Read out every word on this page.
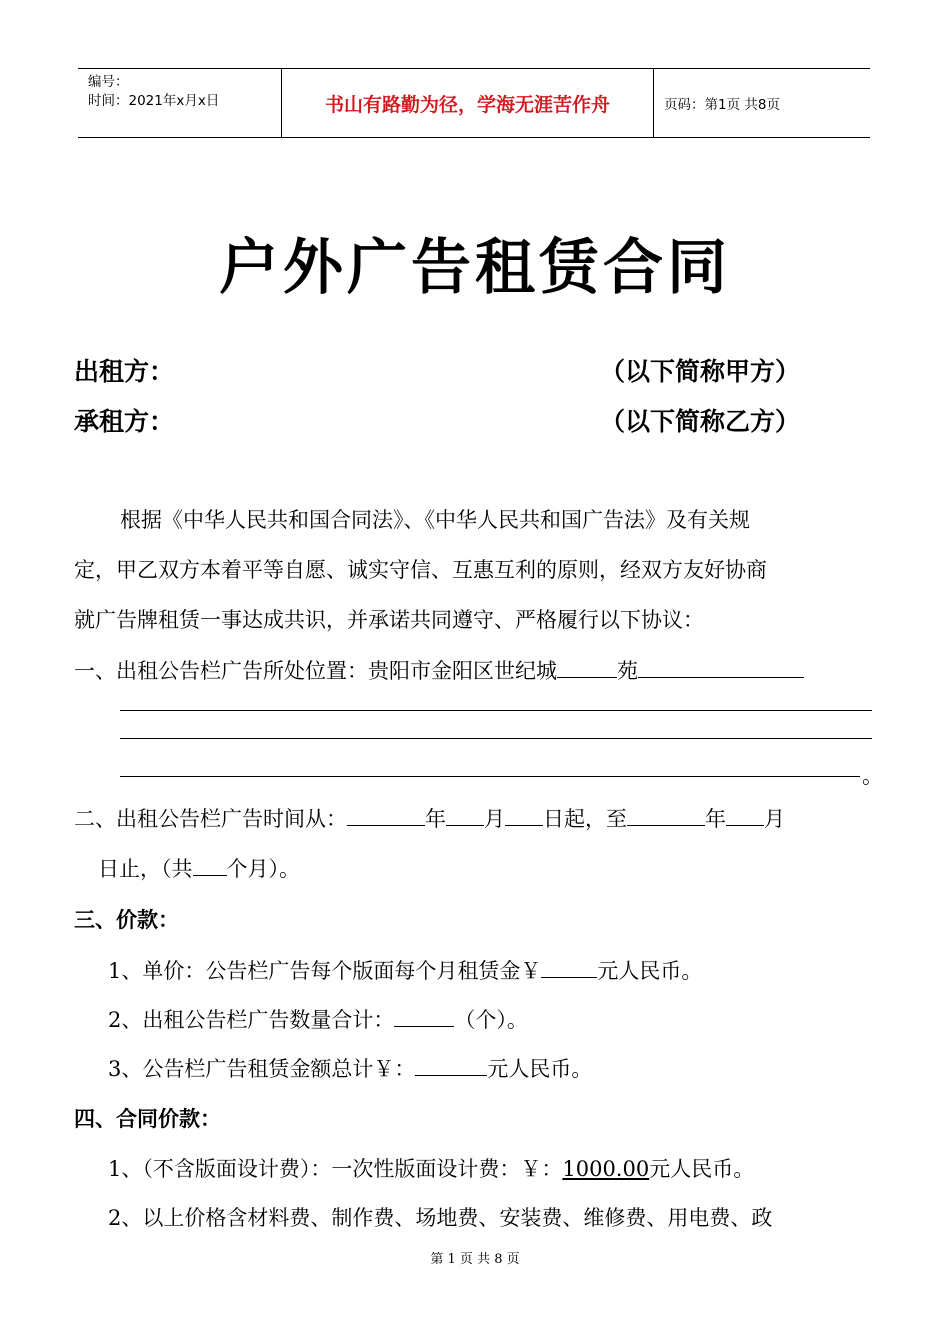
编号：
时间：2021年x月x日	书山有路勤为径，学海无涯苦作舟	页码：第1页 共8页
户外广告租赁合同
出租方：	（以下简称甲方）
承租方：	（以下简称乙方）
根据《中华人民共和国合同法》、《中华人民共和国广告法》及有关规
定，甲乙双方本着平等自愿、诚实守信、互惠互利的原则，经双方友好协商
就广告牌租赁一事达成共识，并承诺共同遵守、严格履行以下协议：
一、出租公告栏广告所处位置：贵阳市金阳区世纪城	苑
。
二、出租公告栏广告时间从：	年 月 日起，至	年 月
日止，（共 个月）。
三、价款：
1、单价：公告栏广告每个版面每个月租赁金￥	元人民币。
2、出租公告栏广告数量合计：	（个）。
3、公告栏广告租赁金额总计￥：	元人民币。
四、合同价款：
1、（不含版面设计费）：一次性版面设计费：￥：1000.00元人民币。
2、以上价格含材料费、制作费、场地费、安装费、维修费、用电费、政
第 1 页 共 8 页
